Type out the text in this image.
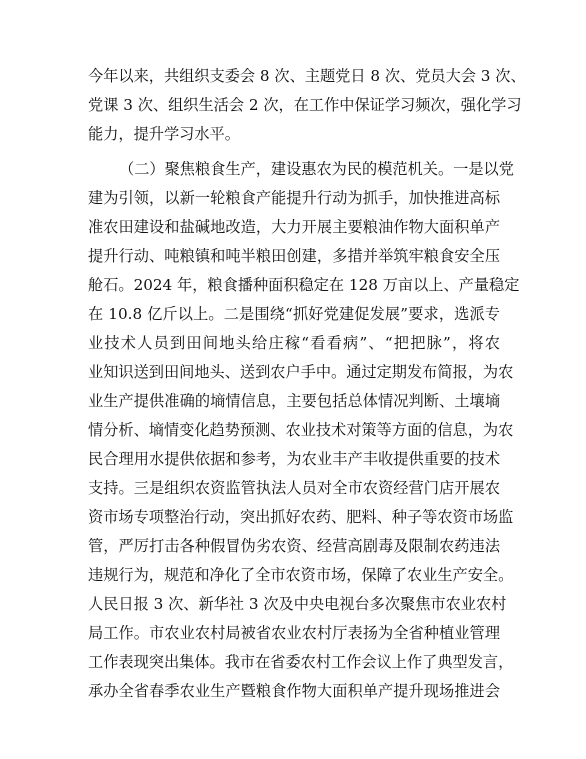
今年以来，共组织支委会 8 次、主题党日 8 次、党员大会 3 次、
党课 3 次、组织生活会 2 次，在工作中保证学习频次，强化学习
能力，提升学习水平。
（二）聚焦粮食生产，建设惠农为民的模范机关。一是以党
建为引领，以新一轮粮食产能提升行动为抓手，加快推进高标
准农田建设和盐碱地改造，大力开展主要粮油作物大面积单产
提升行动、吨粮镇和吨半粮田创建，多措并举筑牢粮食安全压
舱石。2024 年，粮食播种面积稳定在 128 万亩以上、产量稳定
在 10.8 亿斤以上。二是围绕“抓好党建促发展”要求，选派专
业技术人员到田间地头给庄稼“看看病”、“把把脉”，将农
业知识送到田间地头、送到农户手中。通过定期发布简报，为农
业生产提供准确的墒情信息，主要包括总体情况判断、土壤墒
情分析、墒情变化趋势预测、农业技术对策等方面的信息，为农
民合理用水提供依据和参考，为农业丰产丰收提供重要的技术
支持。三是组织农资监管执法人员对全市农资经营门店开展农
资市场专项整治行动，突出抓好农药、肥料、种子等农资市场监
管，严厉打击各种假冒伪劣农资、经营高剧毒及限制农药违法
违规行为，规范和净化了全市农资市场，保障了农业生产安全。
人民日报 3 次、新华社 3 次及中央电视台多次聚焦市农业农村
局工作。市农业农村局被省农业农村厅表扬为全省种植业管理
工作表现突出集体。我市在省委农村工作会议上作了典型发言，
承办全省春季农业生产暨粮食作物大面积单产提升现场推进会
